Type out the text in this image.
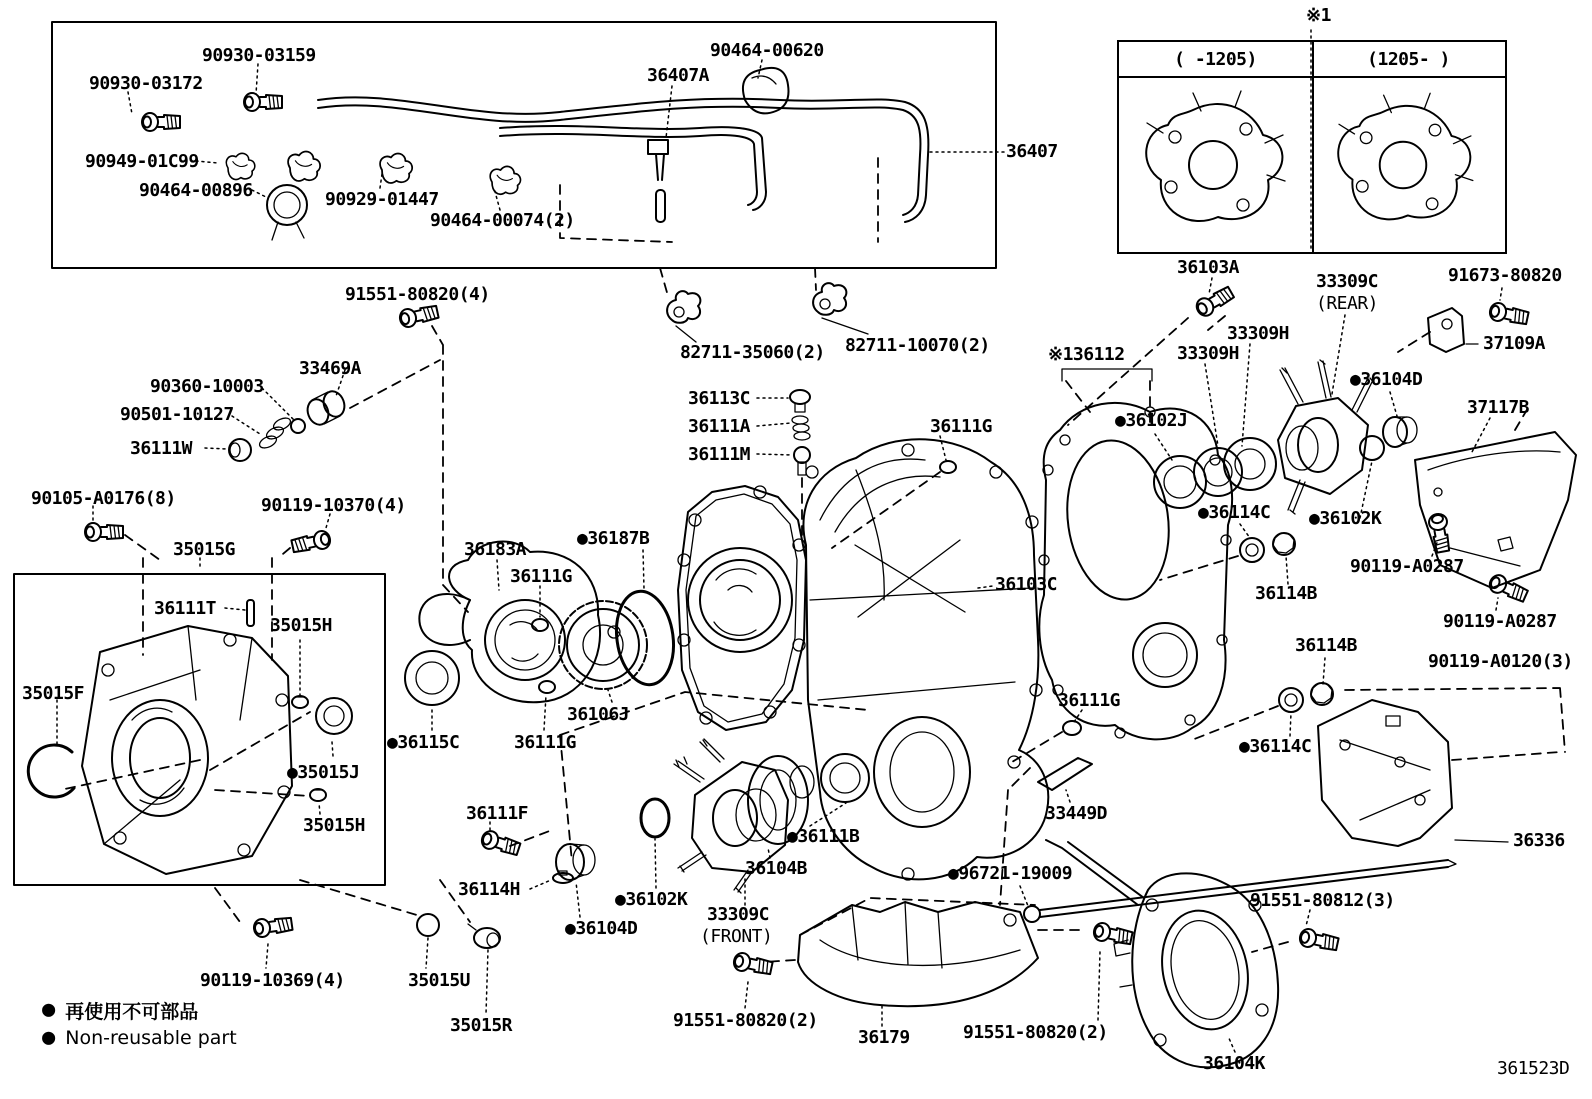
( -1205)	(1205- )
90930-03159
90930-03172
90949-01C99
90464-00896	90929-01447
90464-00074(2)
36407A
90464-00620
36407
91551-80820(4)
82711-35060(2) 82711-10070(2)
33469A
90360-10003
90501-10127
36111W
90105-A0176(8)	90119-10370(4)
35015G
36111T
35015H
35015F
●35015J
35015H
90119-10369(4)	35015U
35015R
36113C
36111A
36111M
36111G
36183A
36111G
●36187B
36106J
●36115C	36111G
36111F
36114H	●36102K
●36104D
36104B
33309C
(FRONT)
●36111B
●96721-19009
91551-80820(2)
36179	91551-80820(2)
36103C
※136112
36111G
33449D
36103A
33309C
(REAR)
91673-80820
33309H
33309H	37109A
●36104D
37117B
●36102J
●36114C ●36102K
90119-A0287
36114B
90119-A0287
36114B
90119-A0120(3)
●36114C
36336
91551-80812(3)
36104K	361523D
※1
● 再使用不可部品
● Non-reusable part
